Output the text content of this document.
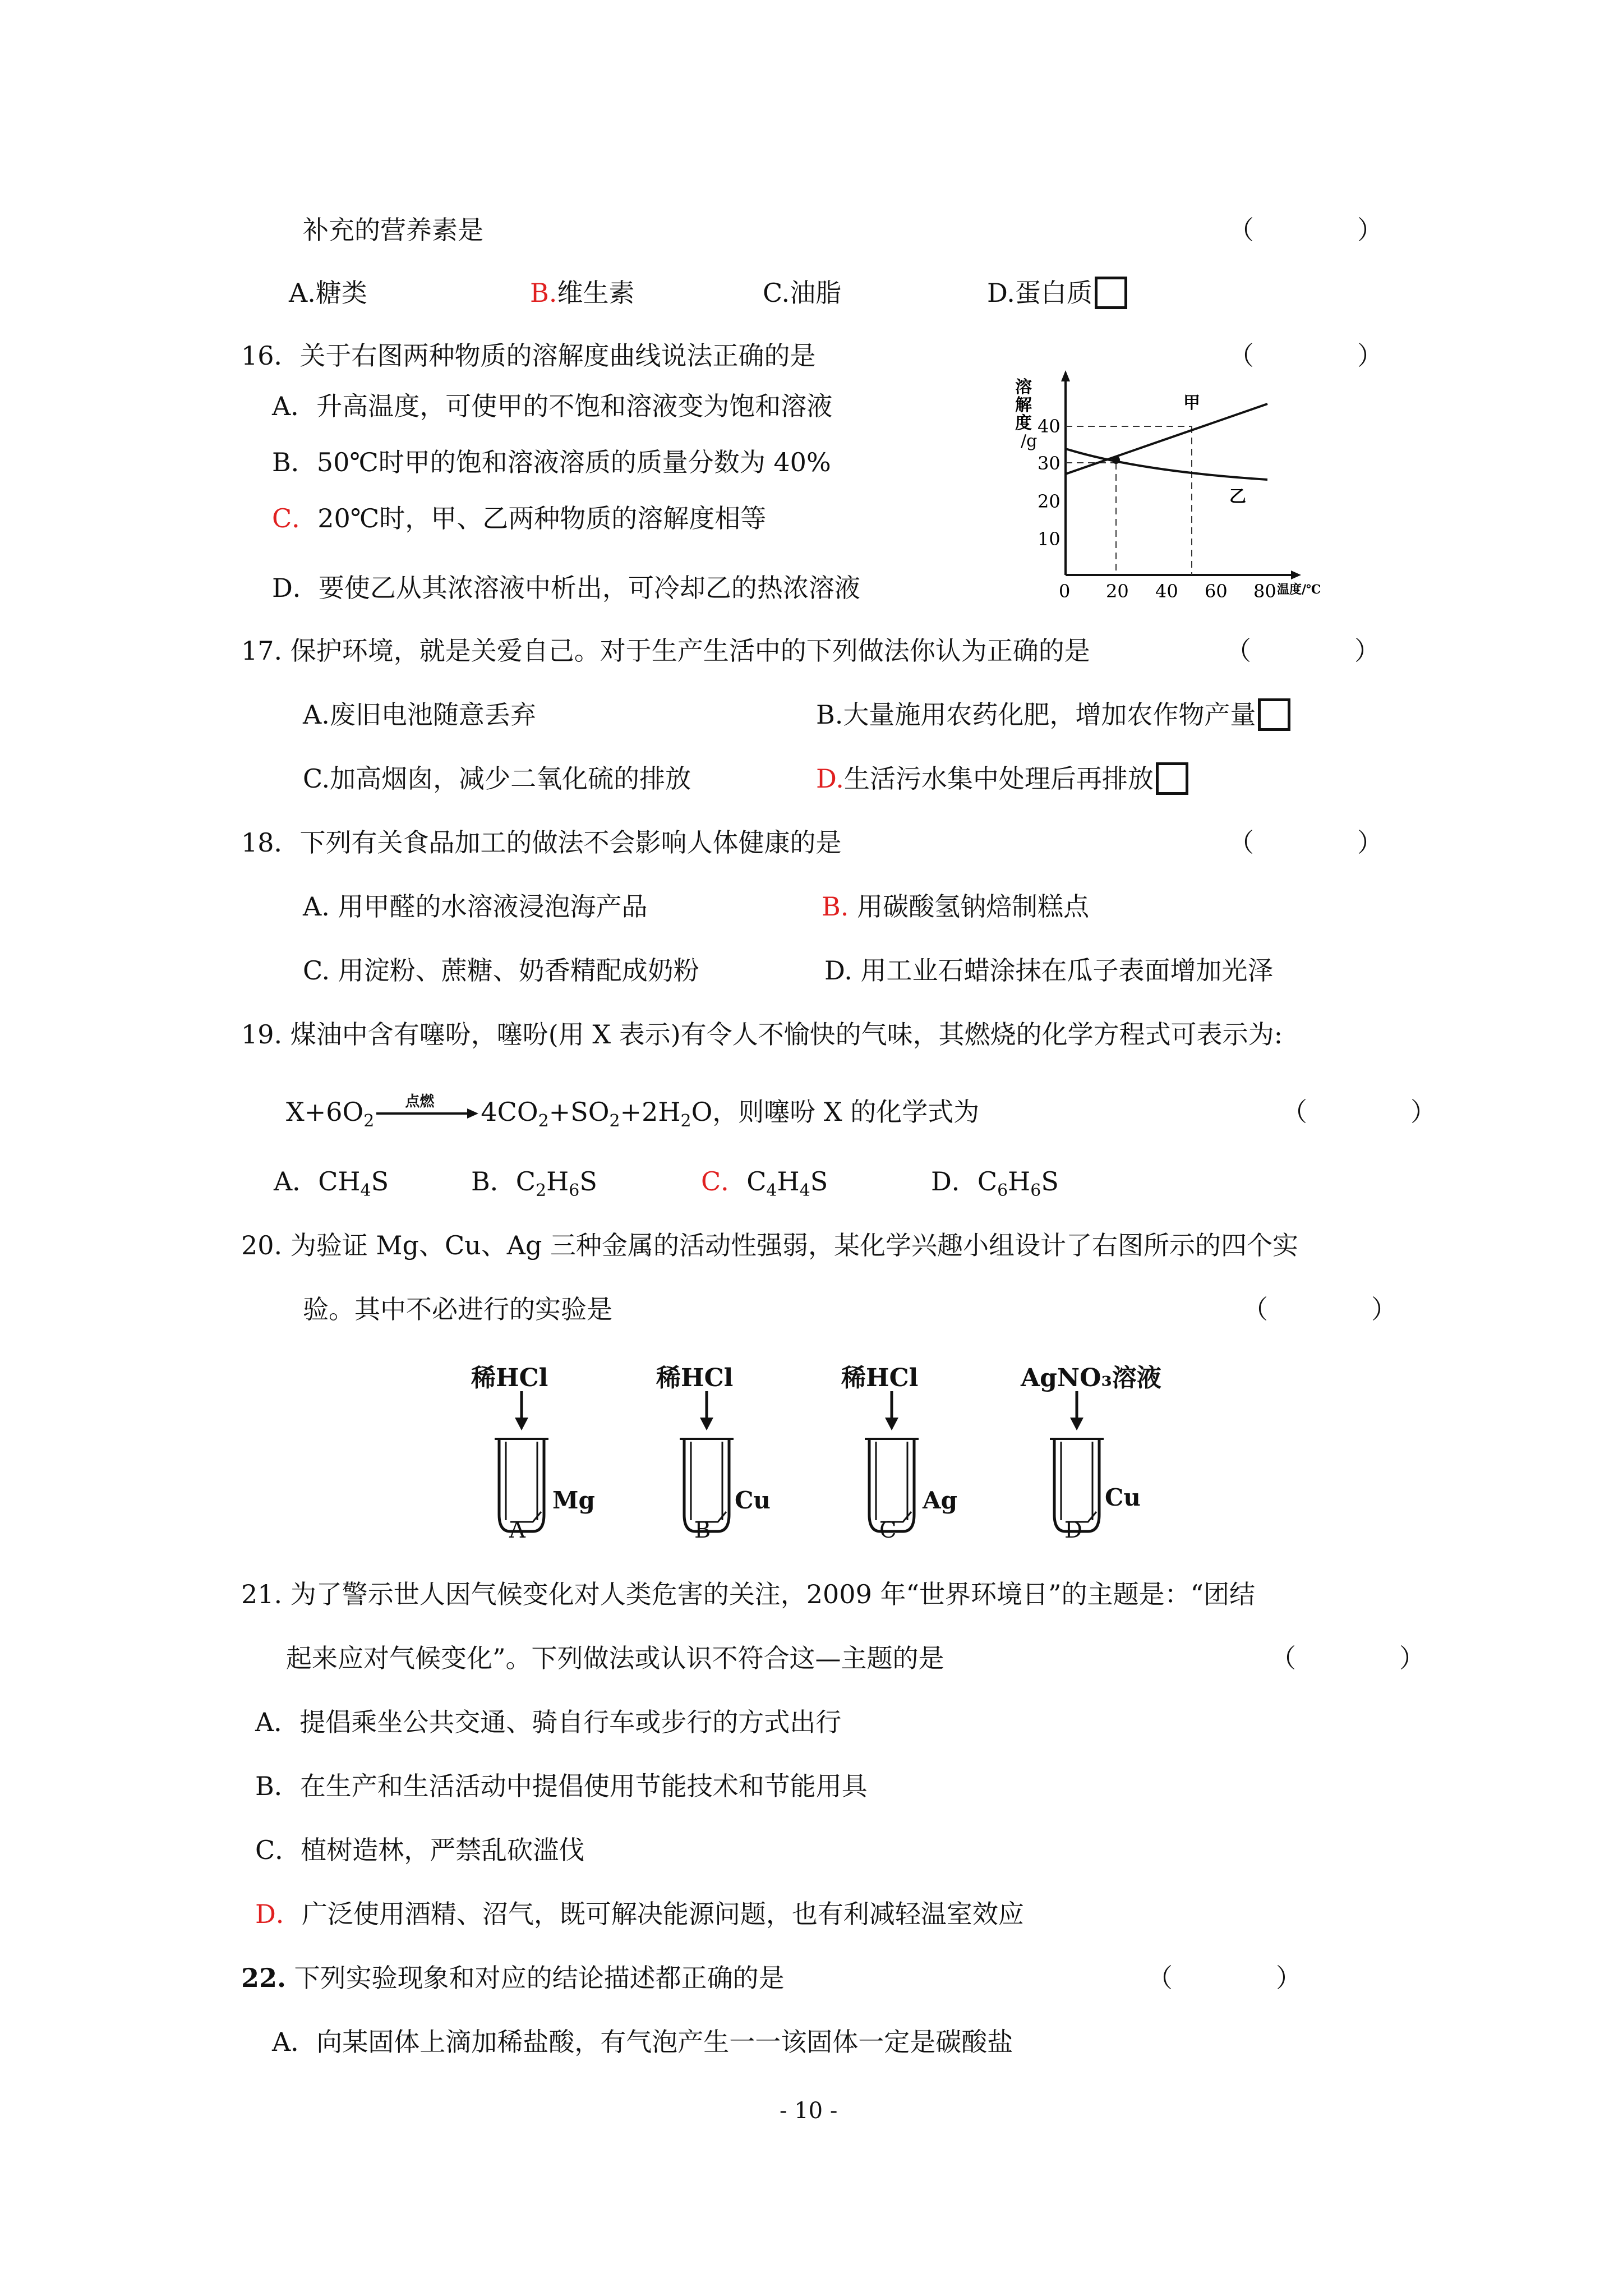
补充的营养素是	（　　　　）
A.糖类	B.维生素	C.油脂	D.蛋白质
16．关于右图两种物质的溶解度曲线说法正确的是	（　　　　）
A．升高温度，可使甲的不饱和溶液变为饱和溶液
B．50℃时甲的饱和溶液溶质的质量分数为 40%
C．20℃时，甲、乙两种物质的溶解度相等
D．要使乙从其浓溶液中析出，可冷却乙的热浓溶液
溶
解
度
/g
10
20
30
40
0 20 40 60 80 温度/℃
甲
乙
17. 保护环境，就是关爱自己。对于生产生活中的下列做法你认为正确的是	（　　　　）
A.废旧电池随意丢弃	B.大量施用农药化肥，增加农作物产量
C.加高烟囱，减少二氧化硫的排放	D.生活污水集中处理后再排放
18．下列有关食品加工的做法不会影响人体健康的是	（　　　　）
A. 用甲醛的水溶液浸泡海产品	B. 用碳酸氢钠焙制糕点
C. 用淀粉、蔗糖、奶香精配成奶粉	D. 用工业石蜡涂抹在瓜子表面增加光泽
19. 煤油中含有噻吩，噻吩(用 X 表示)有令人不愉快的气味，其燃烧的化学方程式可表示为:
$X+6O_2$
点燃 $4CO_2+SO_2+2H_2O$，则噻吩 X 的化学式为	（　　　　）
A．$CH_4S$	B．$C_2H_6S$	C．$C_4H_4S$	D．$C_6H_6S$
20. 为验证 Mg、Cu、Ag 三种金属的活动性强弱，某化学兴趣小组设计了右图所示的四个实
验。其中不必进行的实验是	（　　　　）
稀HCl
Mg
A
稀HCl
Cu
B
稀HCl
Ag
C
AgNO₃溶液
Cu
D
21. 为了警示世人因气候变化对人类危害的关注，2009 年“世界环境日”的主题是：“团结
起来应对气候变化”。下列做法或认识不符合这—主题的是	（　　　　）
A．提倡乘坐公共交通、骑自行车或步行的方式出行
B．在生产和生活活动中提倡使用节能技术和节能用具
C．植树造林，严禁乱砍滥伐
D．广泛使用酒精、沼气，既可解决能源问题，也有利减轻温室效应
22. 下列实验现象和对应的结论描述都正确的是	（　　　　）
A．向某固体上滴加稀盐酸，有气泡产生一一该固体一定是碳酸盐
- 10 -
